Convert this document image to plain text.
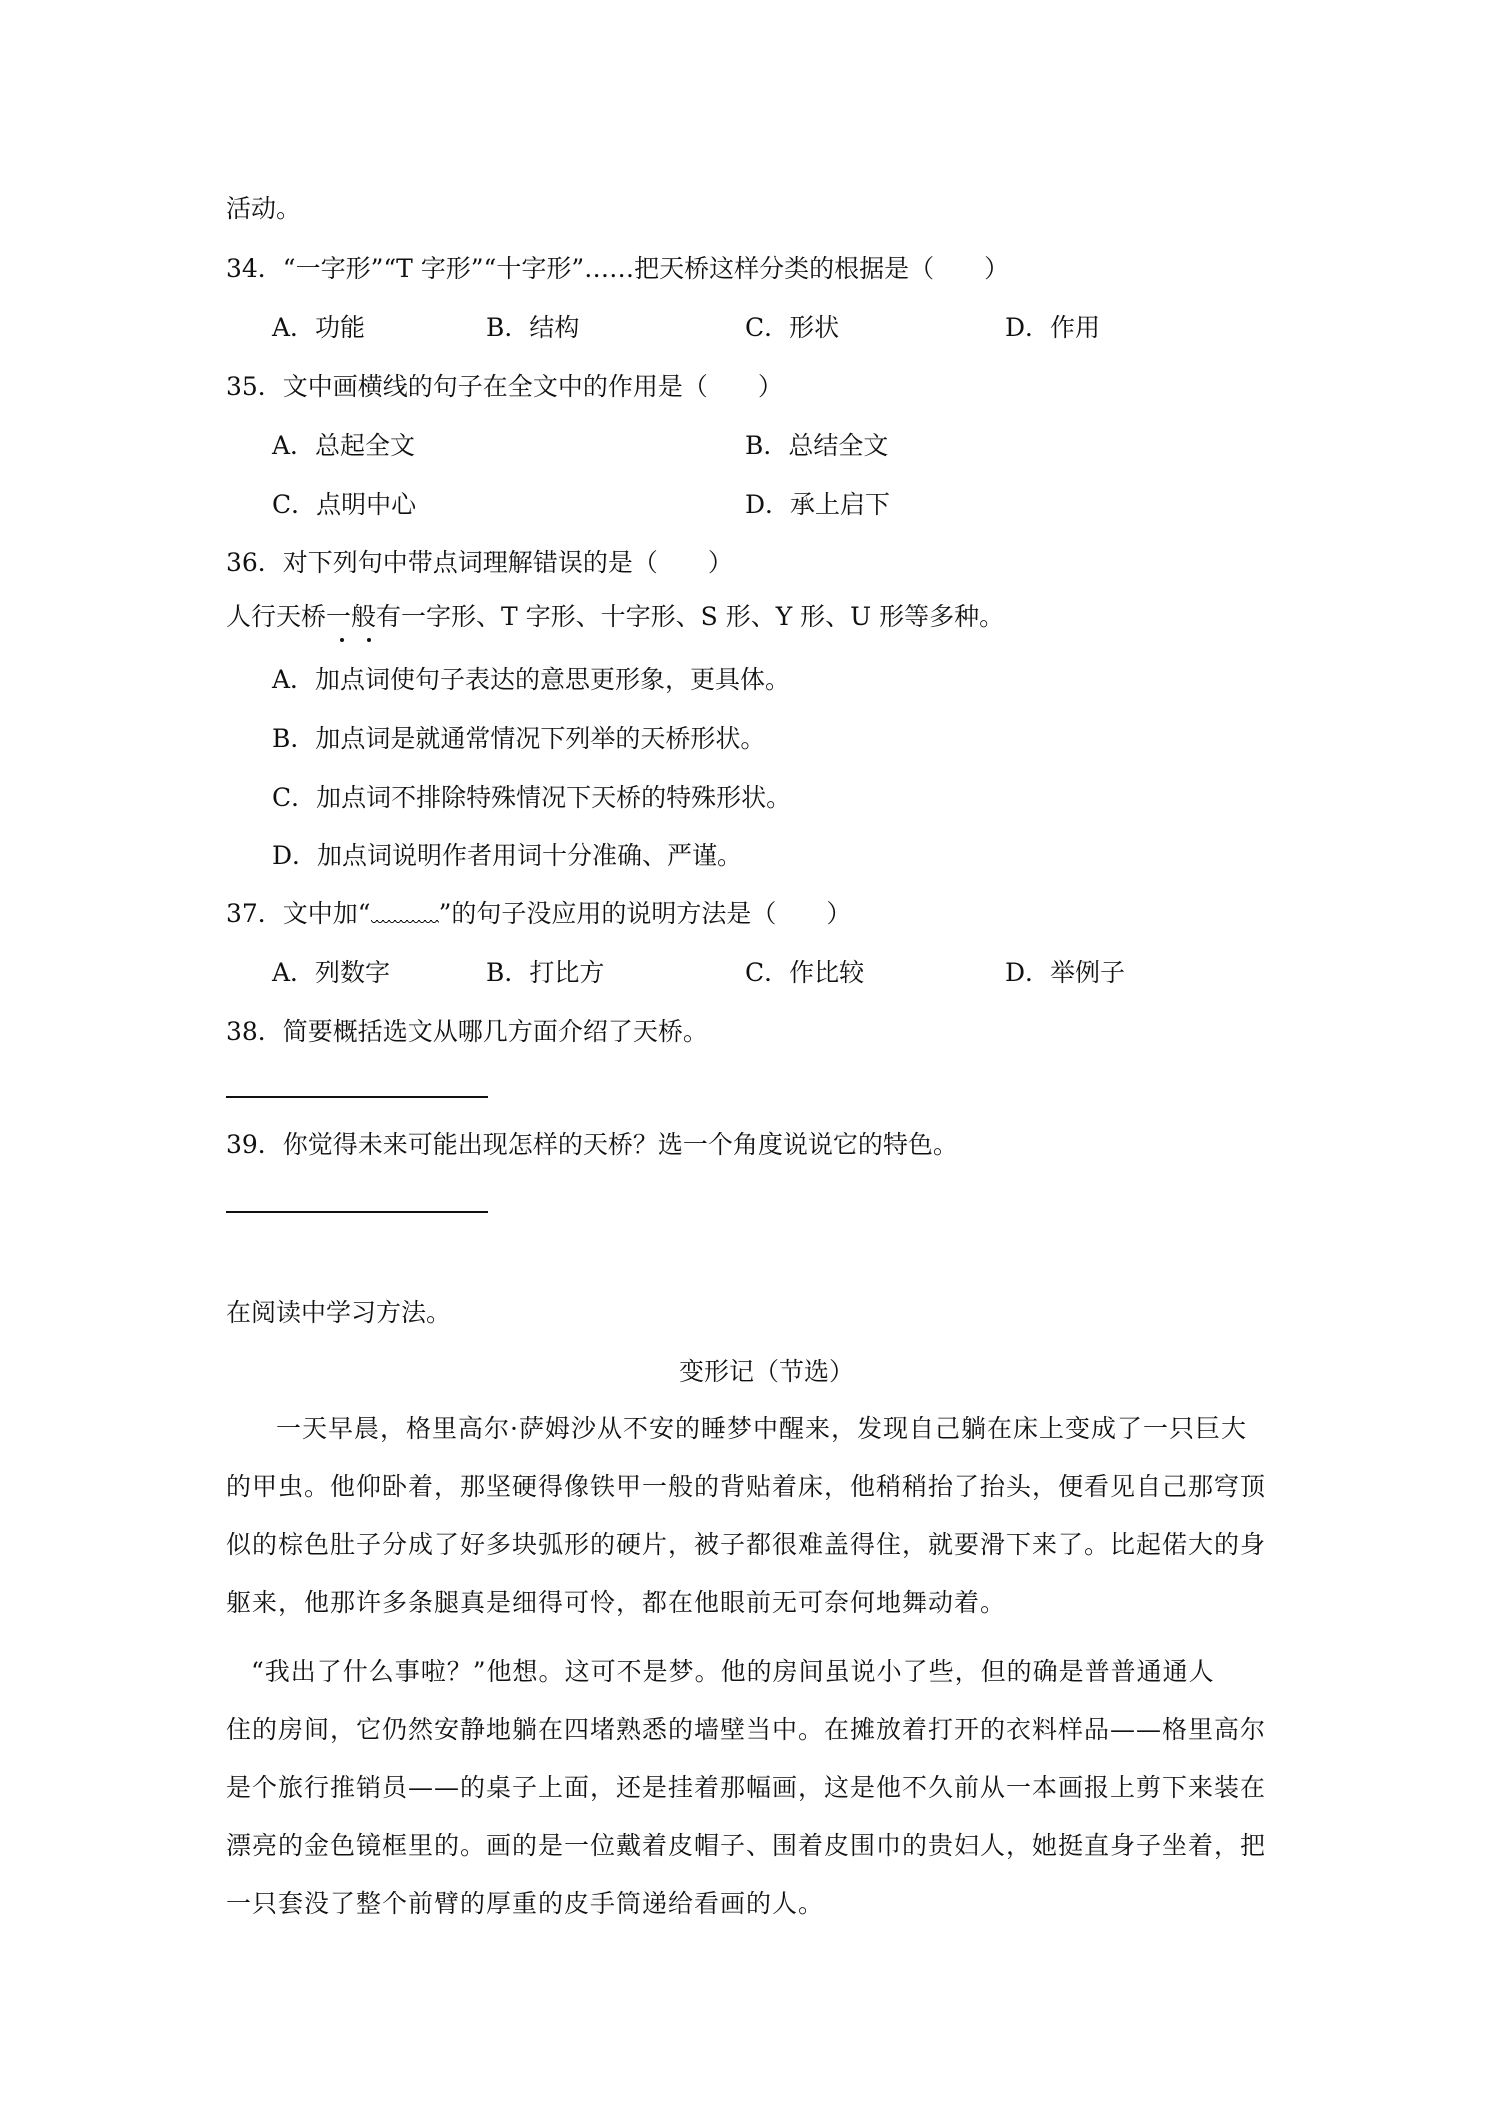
活动。
34．“一字形”“T 字形”“十字形”……把天桥这样分类的根据是（　　）
A．功能	B．结构	C．形状	D．作用
35．文中画横线的句子在全文中的作用是（　　）
A．总起全文	B．总结全文
C．点明中心	D．承上启下
36．对下列句中带点词理解错误的是（　　）
人行天桥一般有一字形、T 字形、十字形、S 形、Y 形、U 形等多种。
A．加点词使句子表达的意思更形象，更具体。
B．加点词是就通常情况下列举的天桥形状。
C．加点词不排除特殊情况下天桥的特殊形状。
D．加点词说明作者用词十分准确、严谨。
37．文中加“	”的句子没应用的说明方法是（　　）
A．列数字	B．打比方	C．作比较	D．举例子
38．简要概括选文从哪几方面介绍了天桥。
39．你觉得未来可能出现怎样的天桥？选一个角度说说它的特色。
在阅读中学习方法。
变形记（节选）
一天早晨，格里高尔·萨姆沙从不安的睡梦中醒来，发现自己躺在床上变成了一只巨大
的甲虫。他仰卧着，那坚硬得像铁甲一般的背贴着床，他稍稍抬了抬头，便看见自己那穹顶
似的棕色肚子分成了好多块弧形的硬片，被子都很难盖得住，就要滑下来了。比起偌大的身
躯来，他那许多条腿真是细得可怜，都在他眼前无可奈何地舞动着。
“我出了什么事啦？”他想。这可不是梦。他的房间虽说小了些，但的确是普普通通人
住的房间，它仍然安静地躺在四堵熟悉的墙壁当中。在摊放着打开的衣料样品——格里高尔
是个旅行推销员——的桌子上面，还是挂着那幅画，这是他不久前从一本画报上剪下来装在
漂亮的金色镜框里的。画的是一位戴着皮帽子、围着皮围巾的贵妇人，她挺直身子坐着，把
一只套没了整个前臂的厚重的皮手筒递给看画的人。
